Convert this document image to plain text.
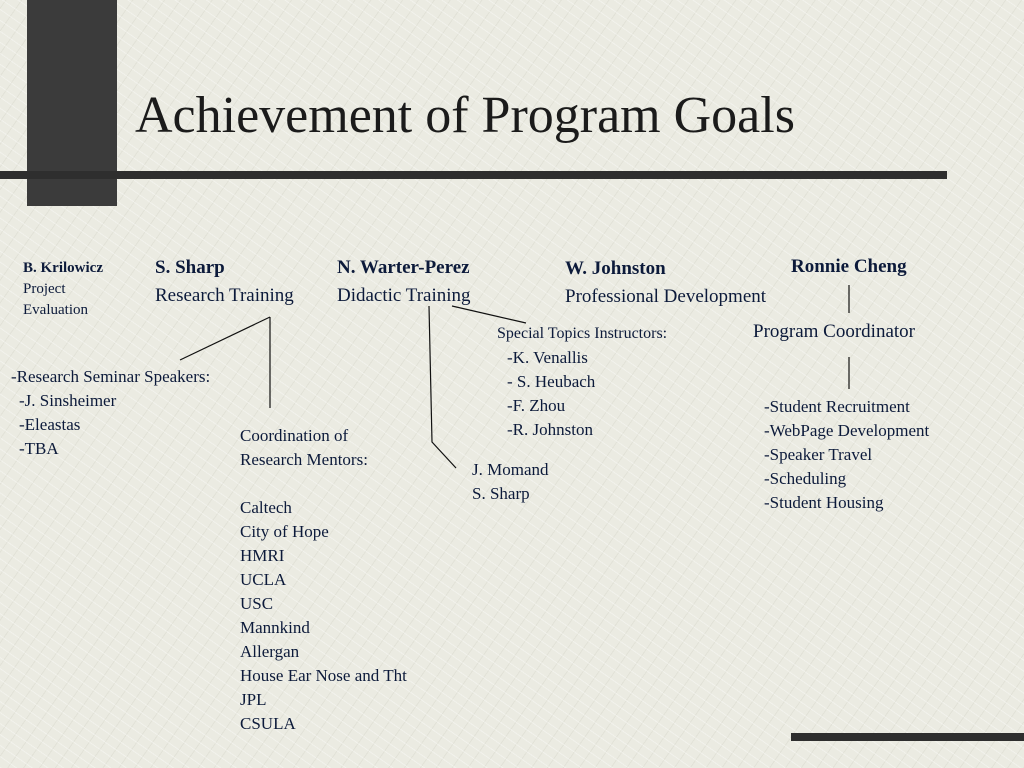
Achievement of Program Goals
B. Krilowicz
Project
Evaluation
S. Sharp
Research Training
N. Warter-Perez
Didactic Training
W. Johnston
Professional Development
Ronnie Cheng
Program Coordinator
-Research Seminar Speakers:
-J. Sinsheimer
-Eleastas
-TBA
Coordination of
Research Mentors:
Caltech
City of Hope
HMRI
UCLA
USC
Mannkind
Allergan
House Ear Nose and Tht
JPL
CSULA
Special Topics Instructors:
-K. Venallis
- S. Heubach
-F. Zhou
-R. Johnston
J. Momand
S. Sharp
-Student Recruitment
-WebPage Development
-Speaker Travel
-Scheduling
-Student Housing
